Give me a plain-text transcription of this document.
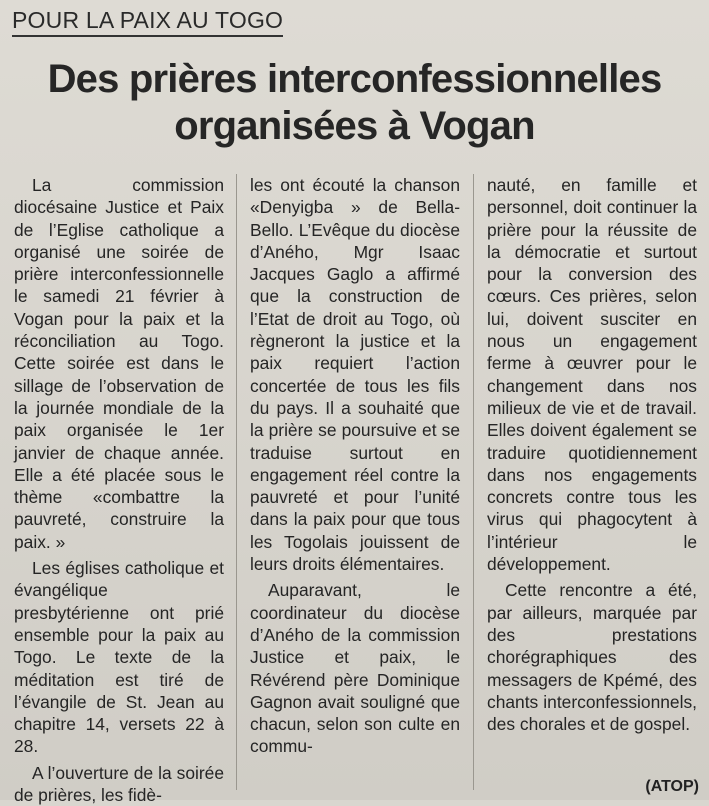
POUR LA PAIX AU TOGO
Des prières interconfessionnelles organisées à Vogan

La commission diocésaine Justice et Paix de l’Eglise catholique a organisé une soirée de prière interconfessionnelle le samedi 21 février à Vogan pour la paix et la réconciliation au Togo. Cette soirée est dans le sillage de l’observation de la journée mondiale de la paix organisée le 1er janvier de chaque année. Elle a été placée sous le thème «combattre la pauvreté, construire la paix. »

Les églises catholique et évangélique presbytérienne ont prié ensemble pour la paix au Togo. Le texte de la méditation est tiré de l’évangile de St. Jean au chapitre 14, versets 22 à 28.

A l’ouverture de la soirée de prières, les fidè-

les ont écouté la chanson «Denyigba » de Bella-Bello. L’Evêque du diocèse d’Aného, Mgr Isaac Jacques Gaglo a affirmé que la construction de l’Etat de droit au Togo, où règneront la justice et la paix requiert l’action concertée de tous les fils du pays. Il a souhaité que la prière se poursuive et se traduise surtout en engagement réel contre la pauvreté et pour l’unité dans la paix pour que tous les Togolais jouissent de leurs droits élémentaires.

Auparavant, le coordinateur du diocèse d’Aného de la commission Justice et paix, le Révérend père Dominique Gagnon avait souligné que chacun, selon son culte en commu-

nauté, en famille et personnel, doit continuer la prière pour la réussite de la démocratie et surtout pour la conversion des cœurs. Ces prières, selon lui, doivent susciter en nous un engagement ferme à œuvrer pour le changement dans nos milieux de vie et de travail. Elles doivent également se traduire quotidiennement dans nos engagements concrets contre tous les virus qui phagocytent à l’intérieur le développement.

Cette rencontre a été, par ailleurs, marquée par des prestations chorégraphiques des messagers de Kpémé, des chants interconfessionnels, des chorales et de gospel.

(ATOP)
